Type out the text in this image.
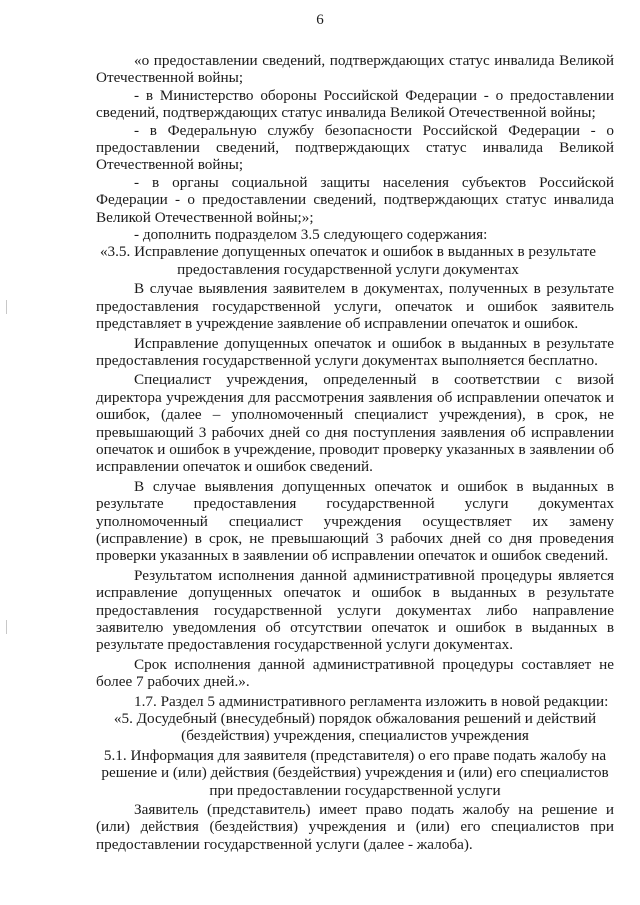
6

«о предоставлении сведений, подтверждающих статус инвалида Великой Отечественной войны;

- в Министерство обороны Российской Федерации - о предоставлении сведений, подтверждающих статус инвалида Великой Отечественной войны;

- в Федеральную службу безопасности Российской Федерации - о предоставлении сведений, подтверждающих статус инвалида Великой Отечественной войны;

- в органы социальной защиты населения субъектов Российской Федерации - о предоставлении сведений, подтверждающих статус инвалида Великой Отечественной войны;»;

- дополнить подразделом 3.5 следующего содержания:

«3.5. Исправление допущенных опечаток и ошибок в выданных в результате предоставления государственной услуги документах

В случае выявления заявителем в документах, полученных в результате предоставления государственной услуги, опечаток и ошибок заявитель представляет в учреждение заявление об исправлении опечаток и ошибок.

Исправление допущенных опечаток и ошибок в выданных в результате предоставления государственной услуги документах выполняется бесплатно.

Специалист учреждения, определенный в соответствии с визой директора учреждения для рассмотрения заявления об исправлении опечаток и ошибок, (далее – уполномоченный специалист учреждения), в срок, не превышающий 3 рабочих дней со дня поступления заявления об исправлении опечаток и ошибок в учреждение, проводит проверку указанных в заявлении об исправлении опечаток и ошибок сведений.

В случае выявления допущенных опечаток и ошибок в выданных в результате предоставления государственной услуги документах уполномоченный специалист учреждения осуществляет их замену (исправление) в срок, не превышающий 3 рабочих дней со дня проведения проверки указанных в заявлении об исправлении опечаток и ошибок сведений.

Результатом исполнения данной административной процедуры является исправление допущенных опечаток и ошибок в выданных в результате предоставления государственной услуги документах либо направление заявителю уведомления об отсутствии опечаток и ошибок в выданных в результате предоставления государственной услуги документах.

Срок исполнения данной административной процедуры составляет не более 7 рабочих дней.».

1.7. Раздел 5 административного регламента изложить в новой редакции:

«5. Досудебный (внесудебный) порядок обжалования решений и действий (бездействия) учреждения, специалистов учреждения

5.1. Информация для заявителя (представителя) о его праве подать жалобу на решение и (или) действия (бездействия) учреждения и (или) его специалистов при предоставлении государственной услуги

Заявитель (представитель) имеет право подать жалобу на решение и (или) действия (бездействия) учреждения и (или) его специалистов при предоставлении государственной услуги (далее - жалоба).
